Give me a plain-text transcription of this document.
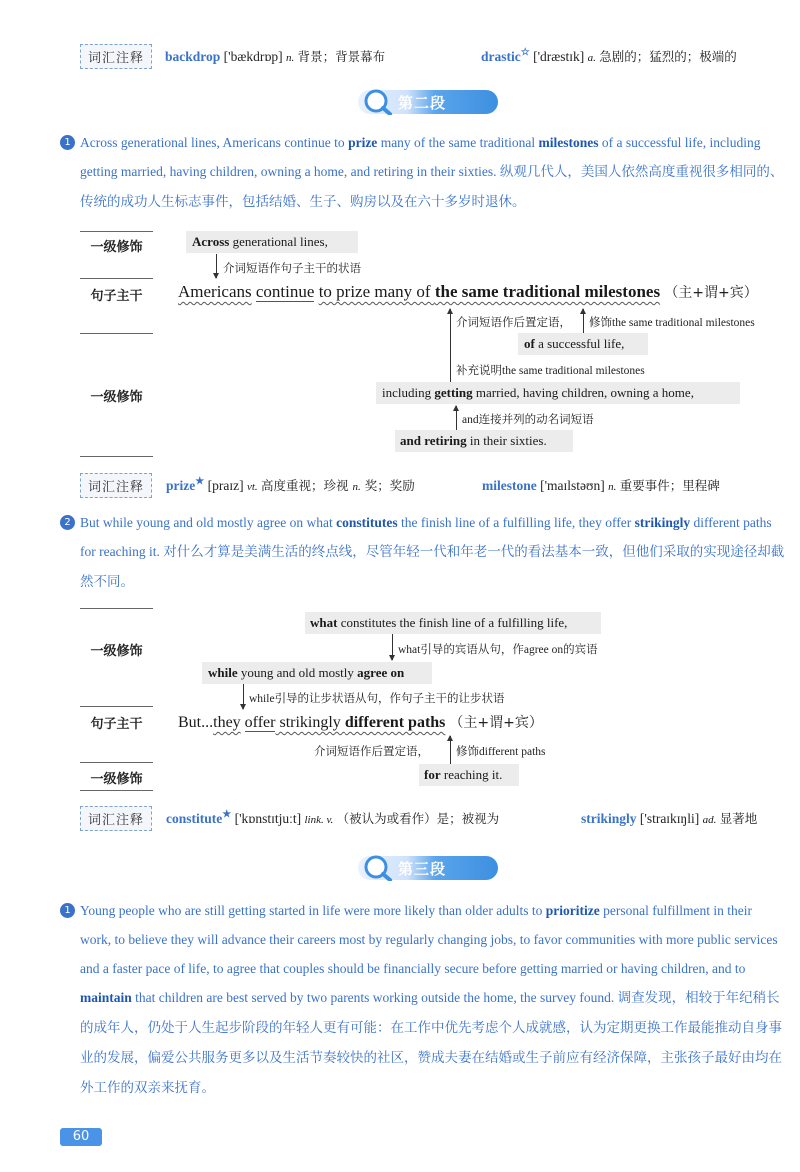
词汇注释	backdrop ['bækdrɒp] n. 背景；背景幕布	drastic☆ ['dræstɪk] a. 急剧的；猛烈的；极端的
第二段
1 Across generational lines, Americans continue to prize many of the same traditional milestones of a successful life, including getting married, having children, owning a home, and retiring in their sixties. 纵观几代人，美国人依然高度重视很多相同的、传统的成功人生标志事件，包括结婚、生子、购房以及在六十多岁时退休。
一级修饰
句子主干
一级修饰
Across generational lines,
介词短语作句子主干的状语
Americans continue to prize many of the same traditional milestones （主+谓+宾）
介词短语作后置定语， 修饰the same traditional milestones
of a successful life,
补充说明the same traditional milestones
including getting married, having children, owning a home,
and连接并列的动名词短语
and retiring in their sixties.
词汇注释	prize★ [praɪz] vt. 高度重视；珍视 n. 奖；奖励	milestone ['maɪlstəʊn] n. 重要事件；里程碑
2 But while young and old mostly agree on what constitutes the finish line of a fulfilling life, they offer strikingly different paths for reaching it. 对什么才算是美满生活的终点线，尽管年轻一代和年老一代的看法基本一致，但他们采取的实现途径却截然不同。
一级修饰
句子主干
一级修饰
what constitutes the finish line of a fulfilling life,
what引导的宾语从句，作agree on的宾语
while young and old mostly agree on
while引导的让步状语从句，作句子主干的让步状语
But...they offer strikingly different paths （主+谓+宾）
介词短语作后置定语， 修饰different paths
for reaching it.
词汇注释	constitute★ ['kɒnstɪtjuːt] link. v. （被认为或看作）是；被视为	strikingly ['straɪkɪŋli] ad. 显著地
第三段
1 Young people who are still getting started in life were more likely than older adults to prioritize personal fulfillment in their work, to believe they will advance their careers most by regularly changing jobs, to favor communities with more public services and a faster pace of life, to agree that couples should be financially secure before getting married or having children, and to maintain that children are best served by two parents working outside the home, the survey found. 调查发现，相较于年纪稍长的成年人，仍处于人生起步阶段的年轻人更有可能：在工作中优先考虑个人成就感，认为定期更换工作最能推动自身事业的发展，偏爱公共服务更多以及生活节奏较快的社区，赞成夫妻在结婚或生子前应有经济保障，主张孩子最好由均在外工作的双亲来抚育。
60
